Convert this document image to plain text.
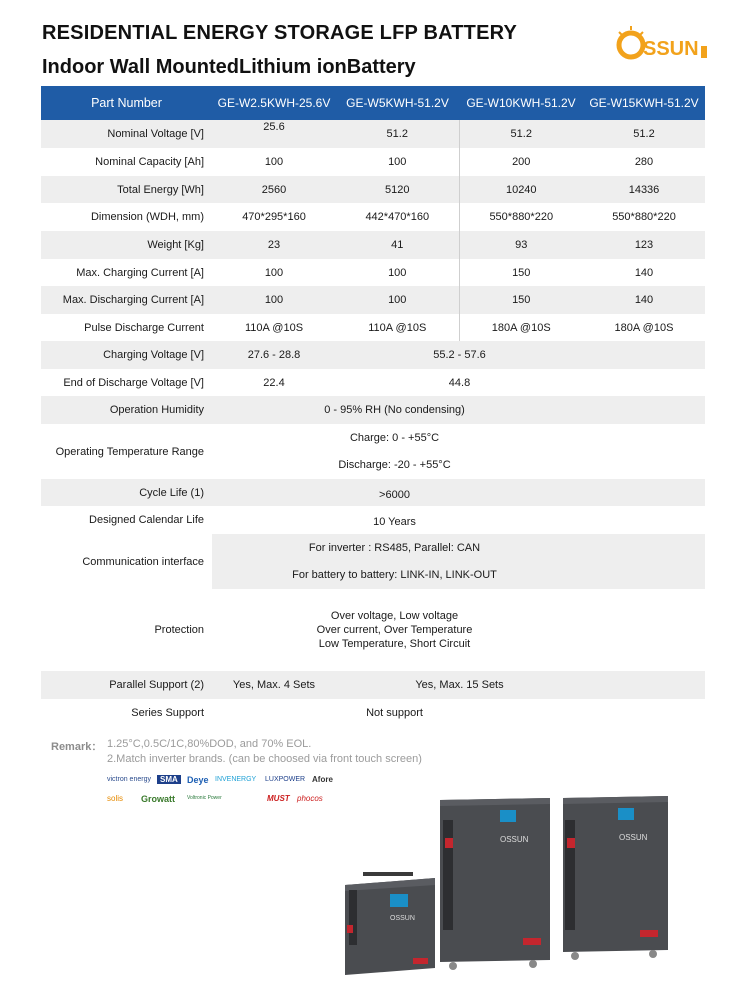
RESIDENTIAL ENERGY STORAGE LFP BATTERY
Indoor Wall MountedLithium ionBattery
SSUN
Part Number	GE-W2.5KWH-25.6V	GE-W5KWH-51.2V	GE-W10KWH-51.2V	GE-W15KWH-51.2V
Nominal Voltage [V]	25.6	51.2	51.2	51.2
Nominal Capacity [Ah]	100	100	200	280
Total Energy [Wh]	2560	5120	10240	14336
Dimension (WDH, mm)	470*295*160	442*470*160	550*880*220	550*880*220
Weight [Kg]	23	41	93	123
Max. Charging Current [A]	100	100	150	140
Max. Discharging Current [A]	100	100	150	140
Pulse Discharge Current	110A @10S	110A @10S	180A @10S	180A @10S
Charging Voltage [V]	27.6 - 28.8	55.2 - 57.6		
End of Discharge Voltage [V]	22.4	44.8		
Operation Humidity	0 - 95% RH (No condensing)			
Operating Temperature Range	Charge: 0 - +55°C			
	Discharge: -20 - +55°C			
Cycle Life (1)	>6000			
Designed Calendar Life	10 Years			
Communication interface	For inverter : RS485, Parallel: CAN			
	For battery to battery: LINK-IN, LINK-OUT			
Protection	Over voltage, Low voltage
Over current, Over Temperature
Low Temperature, Short Circuit			

Parallel Support (2)	Yes, Max. 4 Sets	Yes, Max. 15 Sets		
Series Support	Not support			
Remark： 1.25°C,0.5C/1C,80%DOD, and 70% EOL.
2.Match inverter brands. (can be choosed via front touch screen)
victron energy	SMA	Deye INVENERGY LUXPOWER Afore
solis Growatt Voltronic Power	MUST phocos
OSSUN
OSSUN	OSSUN
